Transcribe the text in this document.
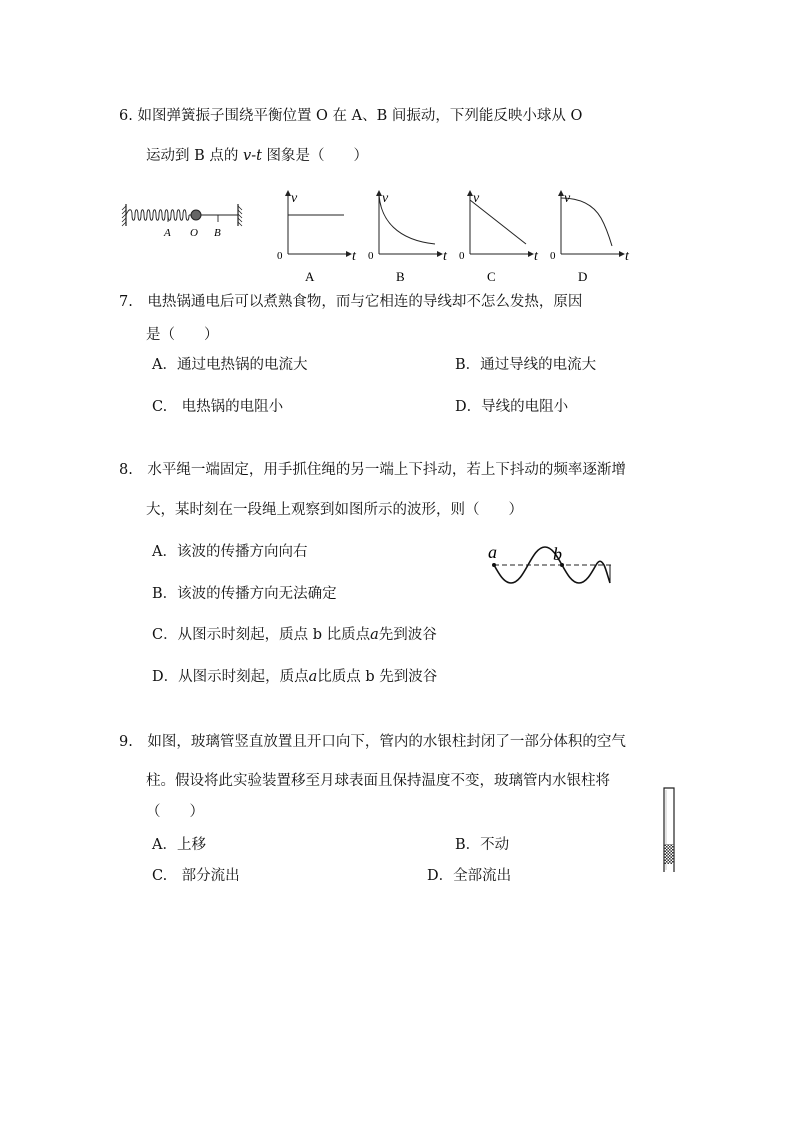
6. 如图弹簧振子围绕平衡位置 O 在 A、B 间振动，下列能反映小球从 O
运动到 B 点的 v-t 图象是（　　）
A O B
v
t
0
A
v
t
0
B
v
t
0
C
v
t
0
D
7.　电热锅通电后可以煮熟食物，而与它相连的导线却不怎么发热，原因
是（　　）
A．通过电热锅的电流大	B．通过导线的电流大
C.　电热锅的电阻小	D．导线的电阻小
8.　水平绳一端固定，用手抓住绳的另一端上下抖动，若上下抖动的频率逐渐增
大，某时刻在一段绳上观察到如图所示的波形，则（　　）
A．该波的传播方向向右
B．该波的传播方向无法确定
C．从图示时刻起，质点 b 比质点a先到波谷
D．从图示时刻起，质点a比质点 b 先到波谷
a	b
9.　如图，玻璃管竖直放置且开口向下，管内的水银柱封闭了一部分体积的空气
柱。假设将此实验装置移至月球表面且保持温度不变，玻璃管内水银柱将
（　　）
A．上移	B．不动
C.　部分流出	D．全部流出
